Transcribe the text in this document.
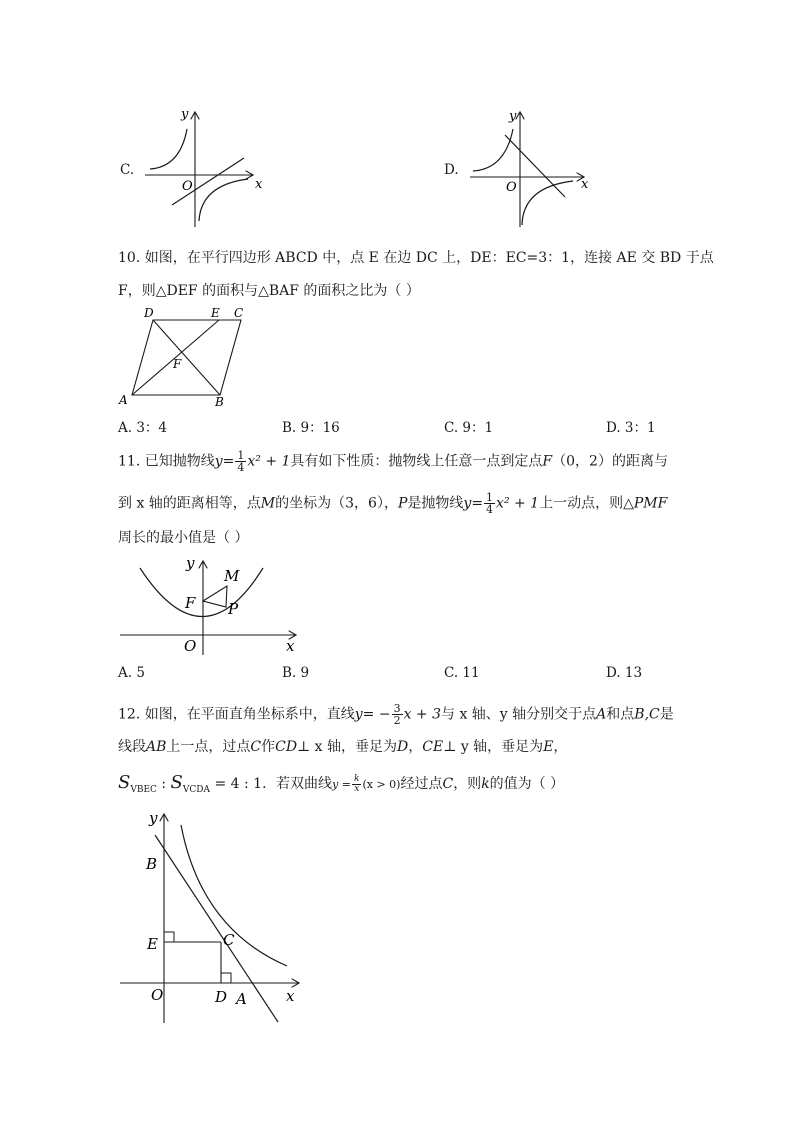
C.
O	x
y
D.
O	x
y
10. 如图，在平行四边形 ABCD 中，点 E 在边 DC 上，DE：EC=3：1，连接 AE 交 BD 于点
F，则△DEF 的面积与△BAF 的面积之比为（ ）
D	E C
F
A	B
A. 3：4	B. 9：16	C. 9：1	D. 3：1
11. 已知抛物线$y= \frac{1}{4} x^2 + 1$具有如下性质：抛物线上任意一点到定点F（0，2）的距离与
到 x 轴的距离相等，点M的坐标为（3，6），P是抛物线$y= \frac{1}{4} x^2 + 1$上一动点，则△PMF
周长的最小值是（ ）
F
M
P
O	x
y
A. 5	B. 9	C. 11	D. 13
12. 如图，在平面直角坐标系中，直线$y= - \frac{3}{2}$ x + 3与 x 轴、y 轴分别交于点A和点B,C是
线段AB上一点，过点C作CD⊥ x 轴，垂足为D，CE⊥ y 轴，垂足为E，
$S_{VBEC}$ : $S_{VCDA} = 4$ : 1．若双曲线$y = \frac{k}{x} (x > 0)$经过点C，则k的值为（ ）
y
B
E	C
O	D A	x
